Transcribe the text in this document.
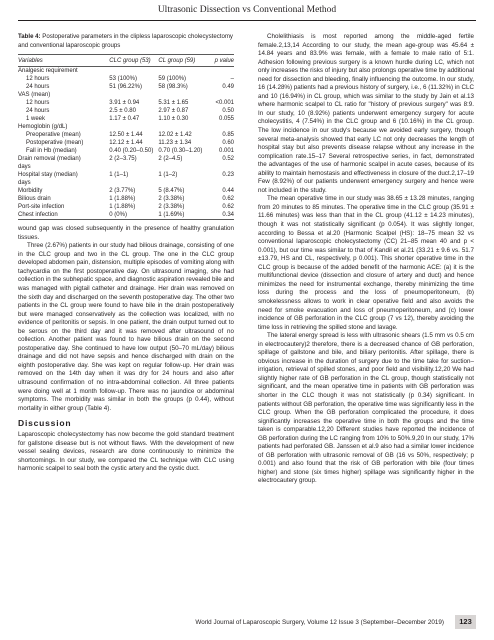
Ultrasonic Dissection vs Conventional Method

Table 4: Postoperative parameters in the clipless laparoscopic cholecystectomy and conventional laparoscopic groups

Variables	CLC group (53)	CL group (59)	p value
Analgesic requirement			
12 hours	53 (100%)	59 (100%)	–
24 hours	51 (96.22%)	58 (98.3%)	0.49
VAS (mean)			
12 hours	3.91 ± 0.94	5.31 ± 1.65	<0.001
24 hours	2.5 ± 0.80	2.97 ± 0.87	0.50
1 week	1.17 ± 0.47	1.10 ± 0.30	0.055
Hemoglobin (g/dL)			
Preoperative (mean)	12.50 ± 1.44	12.02 ± 1.42	0.85
Postoperative (mean)	12.12 ± 1.44	11.23 ± 1.34	0.60
Fall in Hb (median)	0.40 (0.20–0.50)	0.70 (0.30–1.20)	0.001
Drain removal (median)	2 (2–3.75)	2 (2–4.5)	0.52
days			
Hospital stay (median)	1 (1–1)	1 (1–2)	0.23
days			
Morbidity	2 (3.77%)	5 (8.47%)	0.44
Bilious drain	1 (1.88%)	2 (3.38%)	0.62
Port-site infection	1 (1.88%)	2 (3.38%)	0.62
Chest infection	0 (0%)	1 (1.69%)	0.34

wound gap was closed subsequently in the presence of healthy granulation tissues.

Three (2.67%) patients in our study had bilious drainage, consisting of one in the CLC group and two in the CL group. The one in the CLC group developed abdomen pain, distension, multiple episodes of vomiting along with tachycardia on the first postoperative day. On ultrasound imaging, she had collection in the subhepatic space, and diagnostic aspiration revealed bile and was managed with pigtail catheter and drainage. Her drain was removed on the sixth day and discharged on the seventh postoperative day. The other two patients in the CL group were found to have bile in the drain postoperatively but were managed conservatively as the collection was localized, with no evidence of peritonitis or sepsis. In one patient, the drain output turned out to be serous on the third day and it was removed after ultrasound of no collection. Another patient was found to have bilious drain on the second postoperative day. She continued to have low output (50–70 mL/day) bilious drainage and did not have sepsis and hence discharged with drain on the eighth postoperative day. She was kept on regular follow-up. Her drain was removed on the 14th day when it was dry for 24 hours and also after ultrasound confirmation of no intra-abdominal collection. All three patients were doing well at 1 month follow-up. There was no jaundice or abdominal symptoms. The morbidity was similar in both the groups (p 0.44), without mortality in either group (Table 4).

Discussion

Laparoscopic cholecystectomy has now become the gold standard treatment for gallstone disease but is not without flaws. With the development of new vessel sealing devices, research are done continuously to minimize the shortcomings. In our study, we compared the CL technique with CLC using harmonic scalpel to seal both the cystic artery and the cystic duct.

Cholelithiasis is most reported among the middle-aged fertile female.2,13,14 According to our study, the mean age-group was 45.64 ± 14.84 years and 83.9% was female, with a female to male ratio of 5:1. Adhesion following previous surgery is a known hurdle during LC, which not only increases the risks of injury but also prolongs operative time by additional need for dissection and bleeding, finally influencing the outcome. In our study, 16 (14.28%) patients had a previous history of surgery, i.e., 6 (11.32%) in CLC and 10 (16.94%) in CL group, which was similar to the study by Jain et al.13 where harmonic scalpel to CL ratio for "history of previous surgery" was 8:9. In our study, 10 (8.92%) patients underwent emergency surgery for acute cholecystitis, 4 (7.54%) in the CLC group and 6 (10.16%) in the CL group. The low incidence in our study's because we avoided early surgery, though several meta-analysis showed that early LC not only decreases the length of hospital stay but also prevents disease relapse without any increase in the complication rate.15–17 Several retrospective series, in fact, demonstrated the advantages of the use of harmonic scalpel in acute cases, because of its ability to maintain hemostasis and effectiveness in closure of the duct.2,17–19 Few (8.92%) of our patients underwent emergency surgery and hence were not included in the study.

The mean operative time in our study was 38.65 ± 13.28 minutes, ranging from 20 minutes to 85 minutes. The operative time in the CLC group (35.91 ± 11.66 minutes) was less than that in the CL group (41.12 ± 14.23 minutes), though it was not statistically significant (p 0.054). It was slightly longer, according to Bessa et al.20 (Harmonic Scalpel (HS): 18–75 mean 32 vs conventional laparoscopic cholecystectomy (CC) 21–85 mean 40 and p < 0.001), but our time was similar to that of Kandil et al.21 (33.21 ± 9.6 vs. 51.7 ±13.79, HS and CL, respectively, p 0.001). This shorter operative time in the CLC group is because of the added benefit of the harmonic ACE: (a) it is the multifunctional device (dissection and closure of artery and duct) and hence minimizes the need for instrumental exchange, thereby minimizing the time loss during the process and the loss of pneumoperitoneum, (b) smokelessness allows to work in clear operative field and also avoids the need for smoke evacuation and loss of pneumoperitoneum, and (c) lower incidence of GB perforation in the CLC group (7 vs 12), thereby avoiding the time loss in retrieving the spilled stone and lavage.

The lateral energy spread is less with ultrasonic shears (1.5 mm vs 0.5 cm in electrocautery)2 therefore, there is a decreased chance of GB perforation, spillage of gallstone and bile, and biliary peritonitis. After spillage, there is obvious increase in the duration of surgery due to the time take for suction–irrigation, retrieval of spilled stones, and poor field and visibility.12,20 We had slightly higher rate of GB perforation in the CL group, though statistically not significant, and the mean operative time in patients with GB perforation was shorter in the CLC though it was not statistically (p 0.34) significant. In patients without GB perforation, the operative time was significantly less in the CLC group. When the GB perforation complicated the procedure, it does significantly increases the operative time in both the groups and the time taken is comparable.12,20 Different studies have reported the incidence of GB perforation during the LC ranging from 10% to 50%.9,20 In our study, 17% patients had perforated GB. Janssen et al.9 also had a similar lower incidence of GB perforation with ultrasonic removal of GB (16 vs 50%, respectively; p 0.001) and also found that the risk of GB perforation with bile (four times higher) and stone (six times higher) spillage was significantly higher in the electrocautery group.

World Journal of Laparoscopic Surgery, Volume 12 Issue 3 (September–December 2019)	123
